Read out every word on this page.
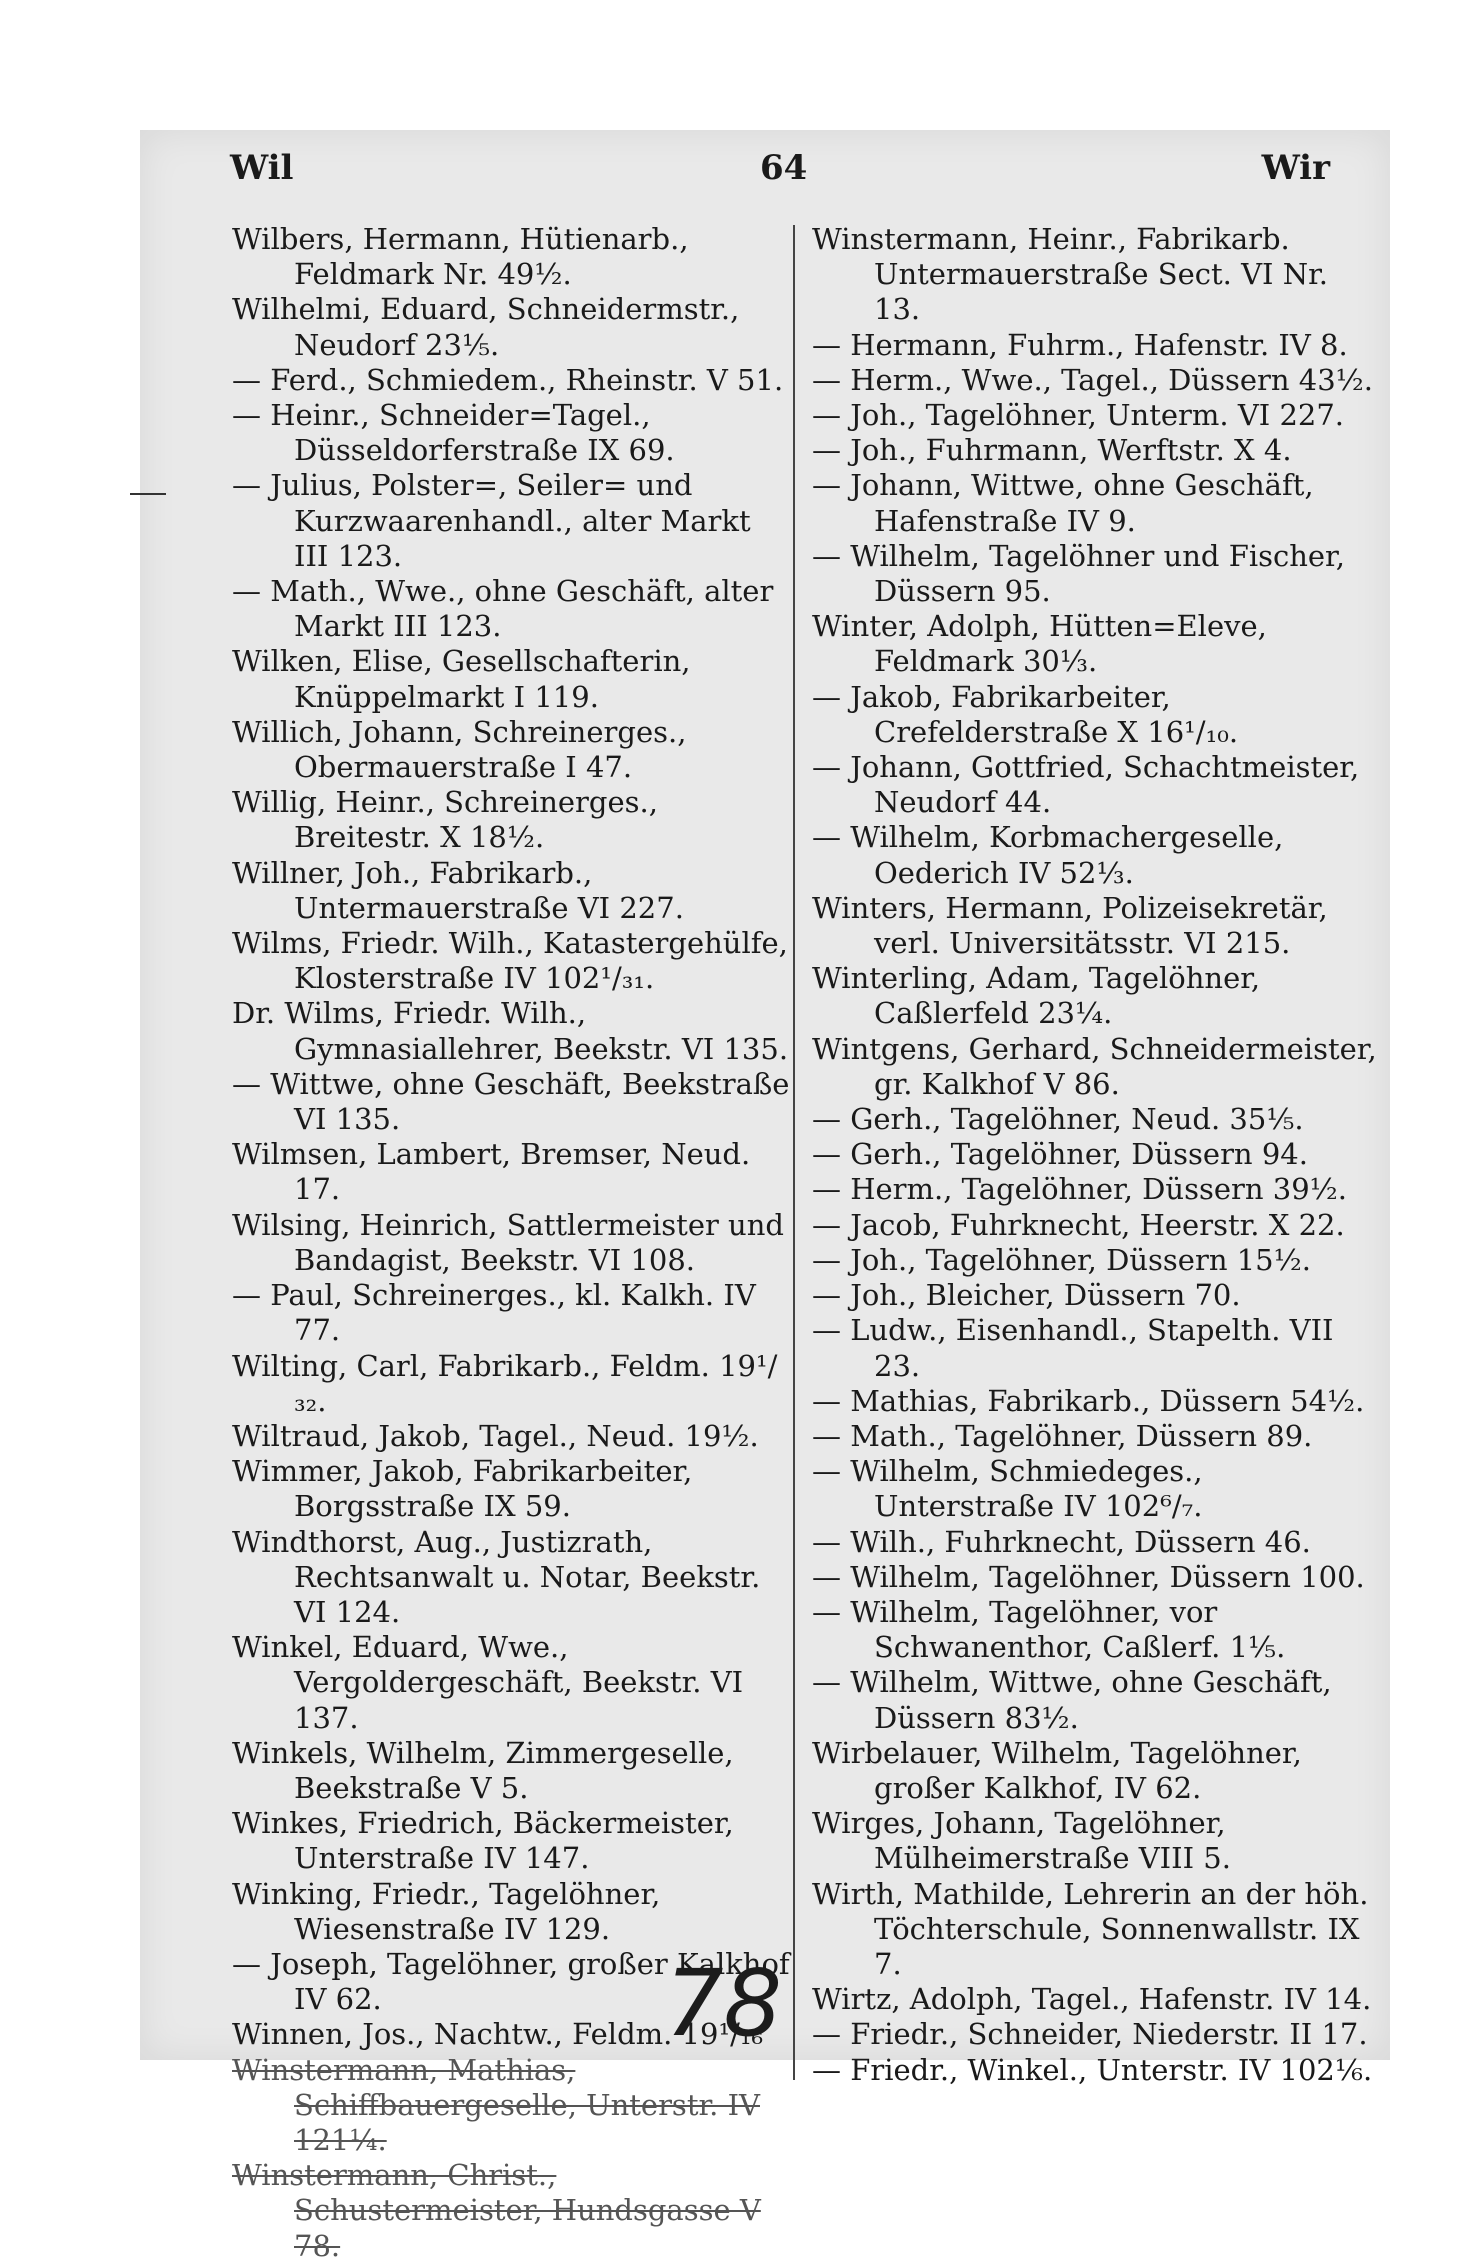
Wil	64	Wir

Wilbers, Hermann, Hütienarb., Feldmark Nr. 49½.

Wilhelmi, Eduard, Schneidermstr., Neudorf 23⅕.

— Ferd., Schmiedem., Rheinstr. V 51.

— Heinr., Schneider=Tagel., Düsseldorferstraße IX 69.

— Julius, Polster=, Seiler= und Kurzwaarenhandl., alter Markt III 123.

— Math., Wwe., ohne Geschäft, alter Markt III 123.

Wilken, Elise, Gesellschafterin, Knüppelmarkt I 119.

Willich, Johann, Schreinerges., Obermauerstraße I 47.

Willig, Heinr., Schreinerges., Breitestr. X 18½.

Willner, Joh., Fabrikarb., Untermauerstraße VI 227.

Wilms, Friedr. Wilh., Katastergehülfe, Klosterstraße IV 102¹/₃₁.

Dr. Wilms, Friedr. Wilh., Gymnasiallehrer, Beekstr. VI 135.

— Wittwe, ohne Geschäft, Beekstraße VI 135.

Wilmsen, Lambert, Bremser, Neud. 17.

Wilsing, Heinrich, Sattlermeister und Bandagist, Beekstr. VI 108.

— Paul, Schreinerges., kl. Kalkh. IV 77.

Wilting, Carl, Fabrikarb., Feldm. 19¹/₃₂.

Wiltraud, Jakob, Tagel., Neud. 19½.

Wimmer, Jakob, Fabrikarbeiter, Borgsstraße IX 59.

Windthorst, Aug., Justizrath, Rechtsanwalt u. Notar, Beekstr. VI 124.

Winkel, Eduard, Wwe., Vergoldergeschäft, Beekstr. VI 137.

Winkels, Wilhelm, Zimmergeselle, Beekstraße V 5.

Winkes, Friedrich, Bäckermeister, Unterstraße IV 147.

Winking, Friedr., Tagelöhner, Wiesenstraße IV 129.

— Joseph, Tagelöhner, großer Kalkhof IV 62.

Winnen, Jos., Nachtw., Feldm. 19¹/₁₆

Winstermann, Mathias, Schiffbauergeselle, Unterstr. IV 121¼.

Winstermann, Christ., Schustermeister, Hundsgasse V 78.

Winstermann, Heinr., Fabrikarb. Untermauerstraße Sect. VI Nr. 13.

— Hermann, Fuhrm., Hafenstr. IV 8.

— Herm., Wwe., Tagel., Düssern 43½.

— Joh., Tagelöhner, Unterm. VI 227.

— Joh., Fuhrmann, Werftstr. X 4.

— Johann, Wittwe, ohne Geschäft, Hafenstraße IV 9.

— Wilhelm, Tagelöhner und Fischer, Düssern 95.

Winter, Adolph, Hütten=Eleve, Feldmark 30⅓.

— Jakob, Fabrikarbeiter, Crefelderstraße X 16¹/₁₀.

— Johann, Gottfried, Schachtmeister, Neudorf 44.

— Wilhelm, Korbmachergeselle, Oederich IV 52⅓.

Winters, Hermann, Polizeisekretär, verl. Universitätsstr. VI 215.

Winterling, Adam, Tagelöhner, Caßlerfeld 23¼.

Wintgens, Gerhard, Schneidermeister, gr. Kalkhof V 86.

— Gerh., Tagelöhner, Neud. 35⅕.

— Gerh., Tagelöhner, Düssern 94.

— Herm., Tagelöhner, Düssern 39½.

— Jacob, Fuhrknecht, Heerstr. X 22.

— Joh., Tagelöhner, Düssern 15½.

— Joh., Bleicher, Düssern 70.

— Ludw., Eisenhandl., Stapelth. VII 23.

— Mathias, Fabrikarb., Düssern 54½.

— Math., Tagelöhner, Düssern 89.

— Wilhelm, Schmiedeges., Unterstraße IV 102⁶/₇.

— Wilh., Fuhrknecht, Düssern 46.

— Wilhelm, Tagelöhner, Düssern 100.

— Wilhelm, Tagelöhner, vor Schwanenthor, Caßlerf. 1⅕.

— Wilhelm, Wittwe, ohne Geschäft, Düssern 83½.

Wirbelauer, Wilhelm, Tagelöhner, großer Kalkhof, IV 62.

Wirges, Johann, Tagelöhner, Mülheimerstraße VIII 5.

Wirth, Mathilde, Lehrerin an der höh. Töchterschule, Sonnenwallstr. IX 7.

Wirtz, Adolph, Tagel., Hafenstr. IV 14.

— Friedr., Schneider, Niederstr. II 17.

— Friedr., Winkel., Unterstr. IV 102⅙.

78
